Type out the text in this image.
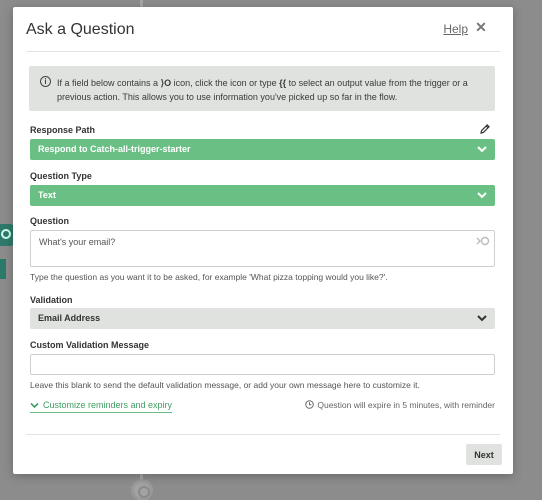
Ask a Question	Help ✕
i	If a field below contains a ⟩O icon, click the icon or type {{ to select an output value from the trigger or a previous action. This allows you to use information you've picked up so far in the flow.
Response Path
Respond to Catch-all-trigger-starter
Question Type
Text
Question
What's your email?
Type the question as you want it to be asked, for example 'What pizza topping would you like?'.
Validation
Email Address
Custom Validation Message
Leave this blank to send the default validation message, or add your own message here to customize it.
Customize reminders and expiry	Question will expire in 5 minutes, with reminder
Next
